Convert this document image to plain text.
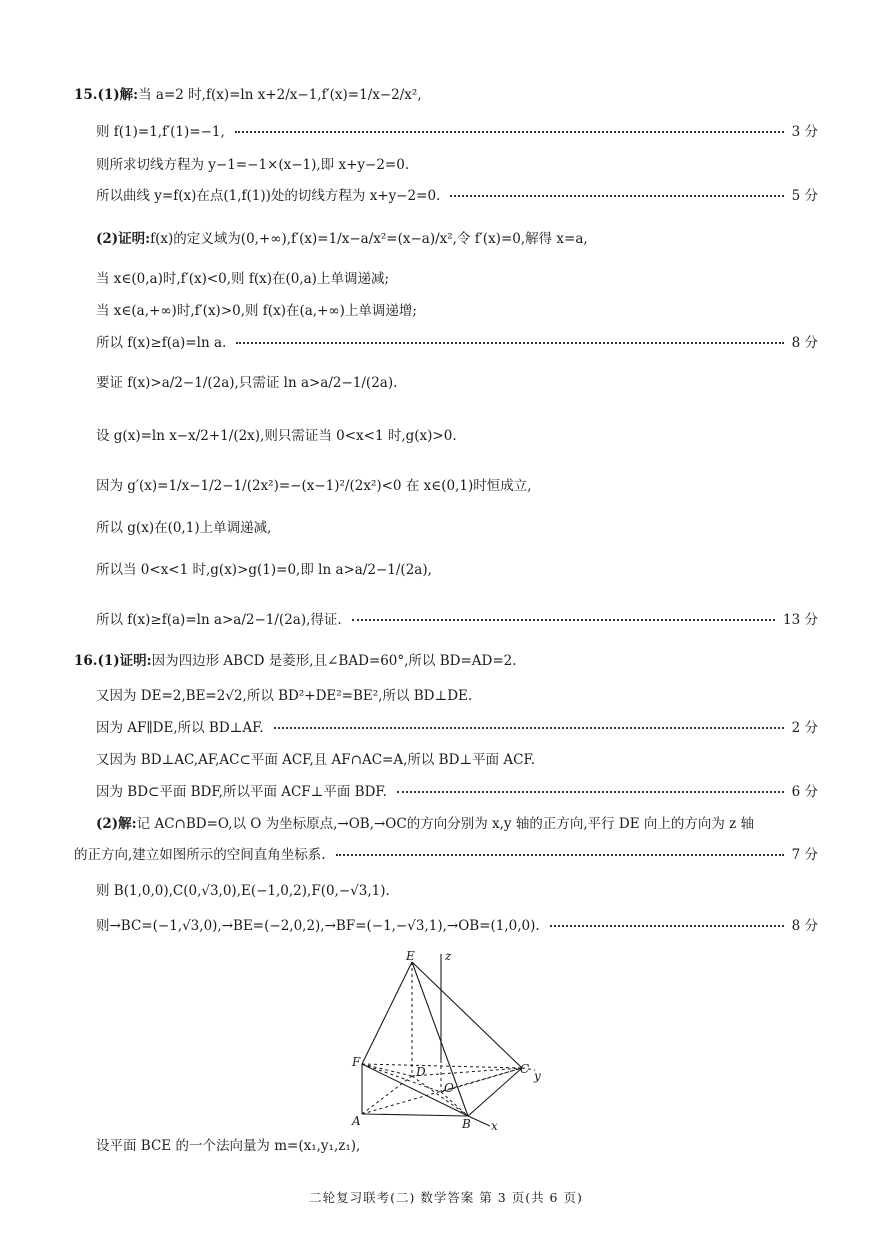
15.(1)解:当 a=2 时,f(x)=ln x+2/x−1,f′(x)=1/x−2/x²,
则 f(1)=1,f′(1)=−1,	3 分
则所求切线方程为 y−1=−1×(x−1),即 x+y−2=0.
所以曲线 y=f(x)在点(1,f(1))处的切线方程为 x+y−2=0.	5 分
(2)证明:f(x)的定义域为(0,+∞),f′(x)=1/x−a/x²=(x−a)/x²,令 f′(x)=0,解得 x=a,
当 x∈(0,a)时,f′(x)<0,则 f(x)在(0,a)上单调递减;
当 x∈(a,+∞)时,f′(x)>0,则 f(x)在(a,+∞)上单调递增;
所以 f(x)≥f(a)=ln a.	8 分
要证 f(x)>a/2−1/(2a),只需证 ln a>a/2−1/(2a).
设 g(x)=ln x−x/2+1/(2x),则只需证当 0<x<1 时,g(x)>0.
因为 g′(x)=1/x−1/2−1/(2x²)=−(x−1)²/(2x²)<0 在 x∈(0,1)时恒成立,
所以 g(x)在(0,1)上单调递减,
所以当 0<x<1 时,g(x)>g(1)=0,即 ln a>a/2−1/(2a),
所以 f(x)≥f(a)=ln a>a/2−1/(2a),得证.	13 分
16.(1)证明:因为四边形 ABCD 是菱形,且∠BAD=60°,所以 BD=AD=2.
又因为 DE=2,BE=2√2,所以 BD²+DE²=BE²,所以 BD⊥DE.
因为 AF∥DE,所以 BD⊥AF.	2 分
又因为 BD⊥AC,AF,AC⊂平面 ACF,且 AF∩AC=A,所以 BD⊥平面 ACF.
因为 BD⊂平面 BDF,所以平面 ACF⊥平面 BDF.	6 分
(2)解:记 AC∩BD=O,以 O 为坐标原点,→OB,→OC的方向分别为 x,y 轴的正方向,平行 DE 向上的方向为 z 轴
的正方向,建立如图所示的空间直角坐标系.	7 分
则 B(1,0,0),C(0,√3,0),E(−1,0,2),F(0,−√3,1).
则→BC=(−1,√3,0),→BE=(−2,0,2),→BF=(−1,−√3,1),→OB=(1,0,0).	8 分
设平面 BCE 的一个法向量为 m=(x₁,y₁,z₁),
E	z
F
D
O
C y
A	B x
二轮复习联考(二) 数学答案 第 3 页(共 6 页)
